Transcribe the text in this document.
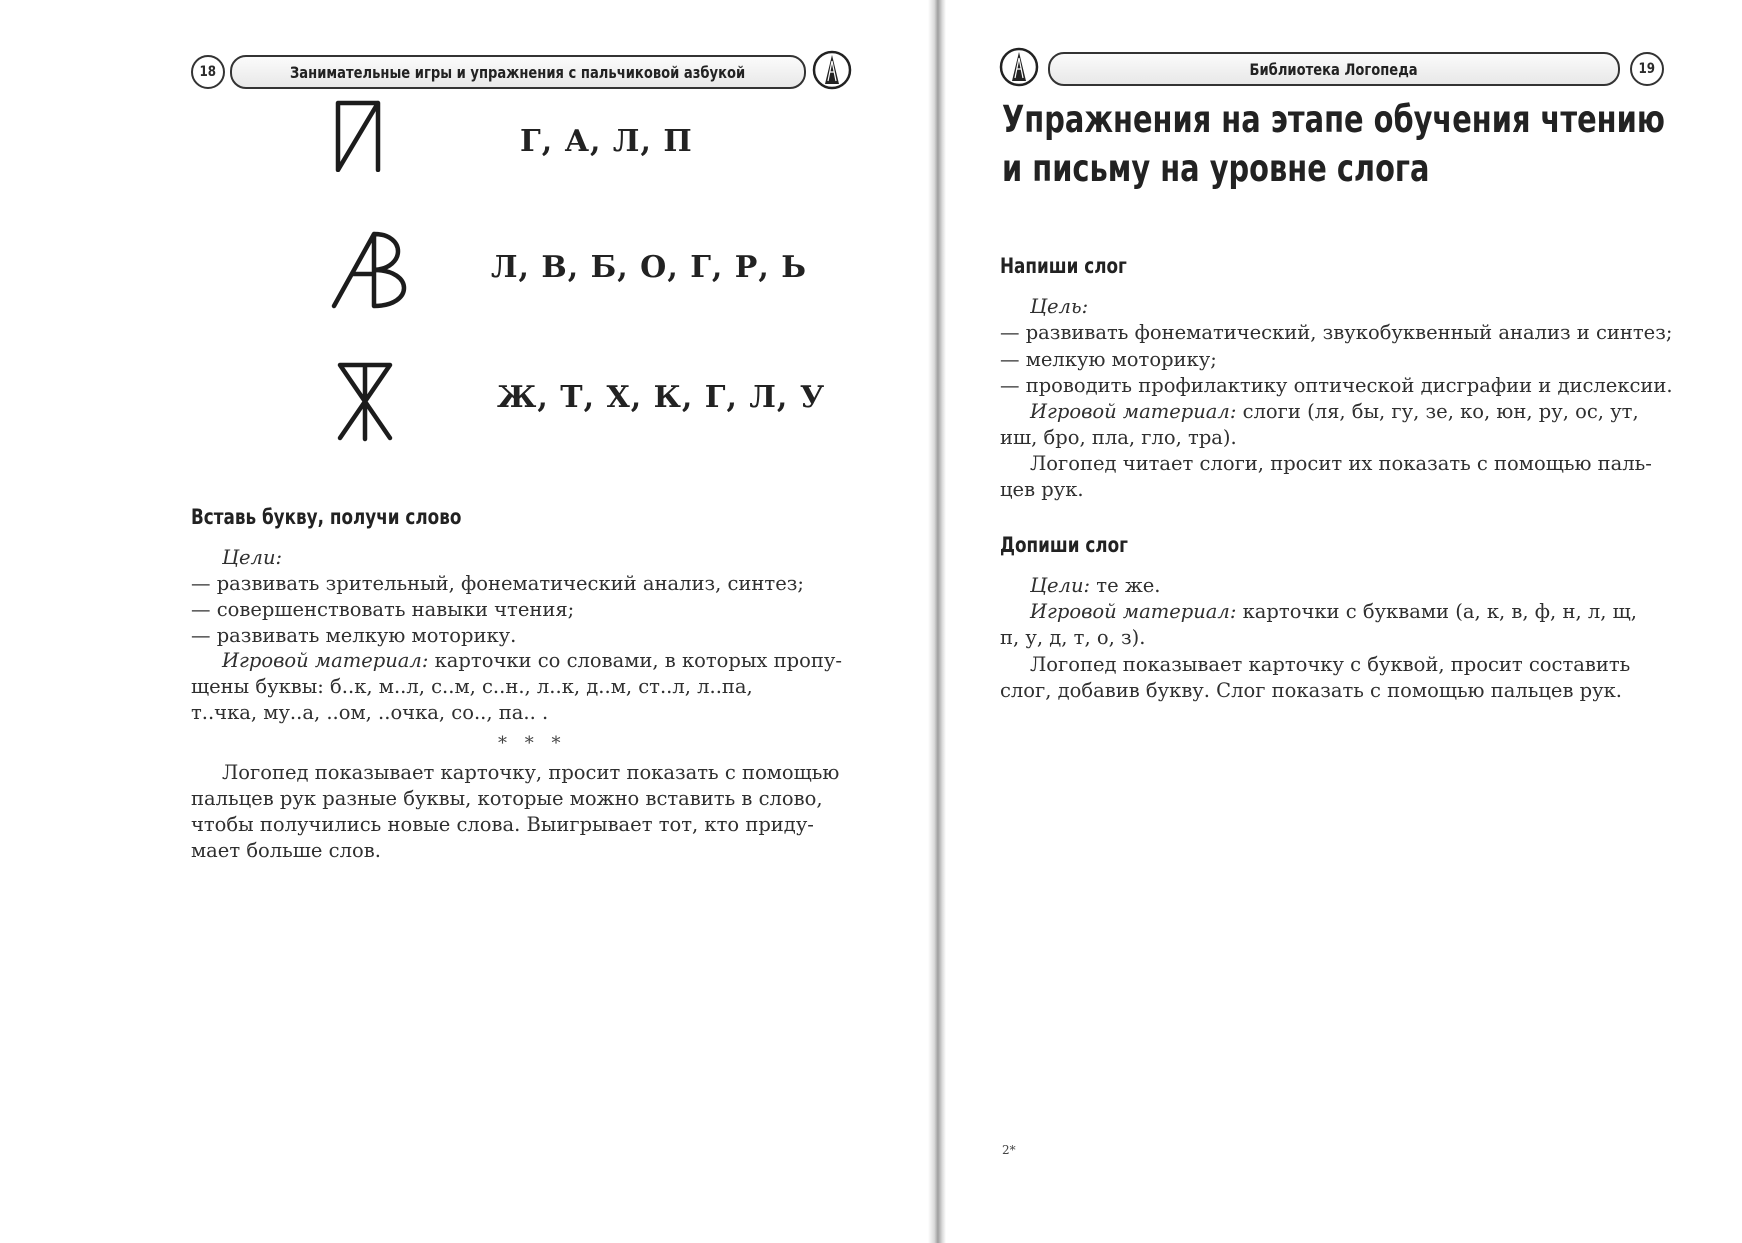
18	Занимательные игры и упражнения с пальчиковой азбукой
Г, А, Л, П
Л, В, Б, О, Г, Р, Ь
Ж, Т, Х, К, Г, Л, У
Вставь букву, получи слово
Цели:
— развивать зрительный, фонематический анализ, синтез;
— совершенствовать навыки чтения;
— развивать мелкую моторику.
Игровой материал: карточки со словами, в которых пропу-
щены буквы: б..к, м..л, с..м, с..н., л..к, д..м, ст..л, л..па,
т..чка, му..а, ..ом, ..очка, со.., па.. .
* * *
Логопед показывает карточку, просит показать с помощью
пальцев рук разные буквы, которые можно вставить в слово,
чтобы получились новые слова. Выигрывает тот, кто приду-
мает больше слов.
Библиотека Логопеда	19
Упражнения на этапе обучения чтению
и письму на уровне слога
Напиши слог
Цель:
— развивать фонематический, звукобуквенный анализ и синтез;
— мелкую моторику;
— проводить профилактику оптической дисграфии и дислексии.
Игровой материал: слоги (ля, бы, гу, зе, ко, юн, ру, ос, ут,
иш, бро, пла, гло, тра).
Логопед читает слоги, просит их показать с помощью паль-
цев рук.
Допиши слог
Цели: те же.
Игровой материал: карточки с буквами (а, к, в, ф, н, л, щ,
п, у, д, т, о, з).
Логопед показывает карточку с буквой, просит составить
слог, добавив букву. Слог показать с помощью пальцев рук.
2*
